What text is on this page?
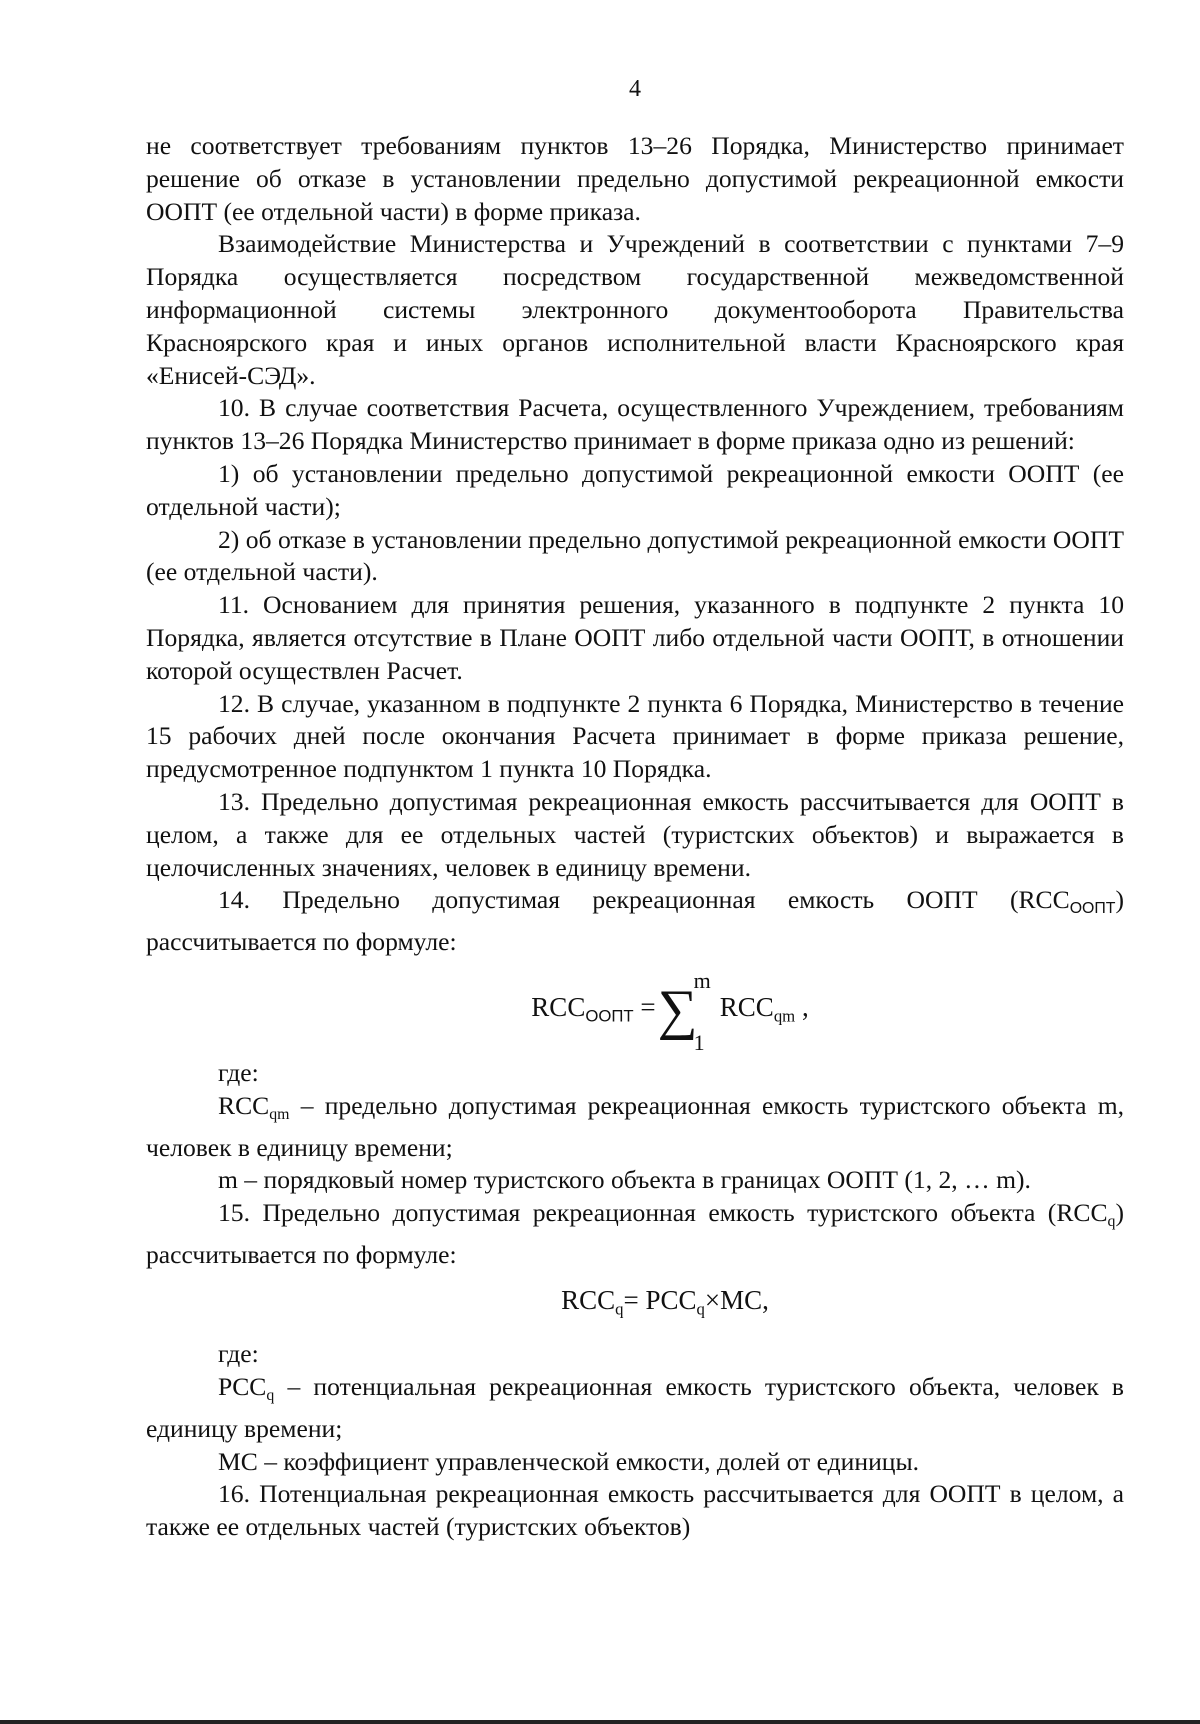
4

не соответствует требованиям пунктов 13–26 Порядка, Министерство принимает решение об отказе в установлении предельно допустимой рекреационной емкости ООПТ (ее отдельной части) в форме приказа.

Взаимодействие Министерства и Учреждений в соответствии с пунктами 7–9 Порядка осуществляется посредством государственной межведомственной информационной системы электронного документооборота Правительства Красноярского края и иных органов исполнительной власти Красноярского края «Енисей-СЭД».

10. В случае соответствия Расчета, осуществленного Учреждением, требованиям пунктов 13–26 Порядка Министерство принимает в форме приказа одно из решений:

1) об установлении предельно допустимой рекреационной емкости ООПТ (ее отдельной части);

2) об отказе в установлении предельно допустимой рекреационной емкости ООПТ (ее отдельной части).

11. Основанием для принятия решения, указанного в подпункте 2 пункта 10 Порядка, является отсутствие в Плане ООПТ либо отдельной части ООПТ, в отношении которой осуществлен Расчет.

12. В случае, указанном в подпункте 2 пункта 6 Порядка, Министерство в течение 15 рабочих дней после окончания Расчета принимает в форме приказа решение, предусмотренное подпунктом 1 пункта 10 Порядка.

13. Предельно допустимая рекреационная емкость рассчитывается для ООПТ в целом, а также для ее отдельных частей (туристских объектов) и выражается в целочисленных значениях, человек в единицу времени.

14. Предельно допустимая рекреационная емкость ООПТ $(RCC_{ООПТ})$ рассчитывается по формуле:

$RCC_{ООПТ}$ =∑
m
1
$RCC_{qm}$ ,

где:

$RCC_{qm}$ – предельно допустимая рекреационная емкость туристского объекта m, человек в единицу времени;

m – порядковый номер туристского объекта в границах ООПТ (1, 2, … m).

15. Предельно допустимая рекреационная емкость туристского объекта $(RCC_q)$ рассчитывается по формуле:

$RCC_q= PCC_q\times MC$,

где:

$PCC_q$ – потенциальная рекреационная емкость туристского объекта, человек в единицу времени;

MC – коэффициент управленческой емкости, долей от единицы.

16. Потенциальная рекреационная емкость рассчитывается для ООПТ в целом, а также ее отдельных частей (туристских объектов)
